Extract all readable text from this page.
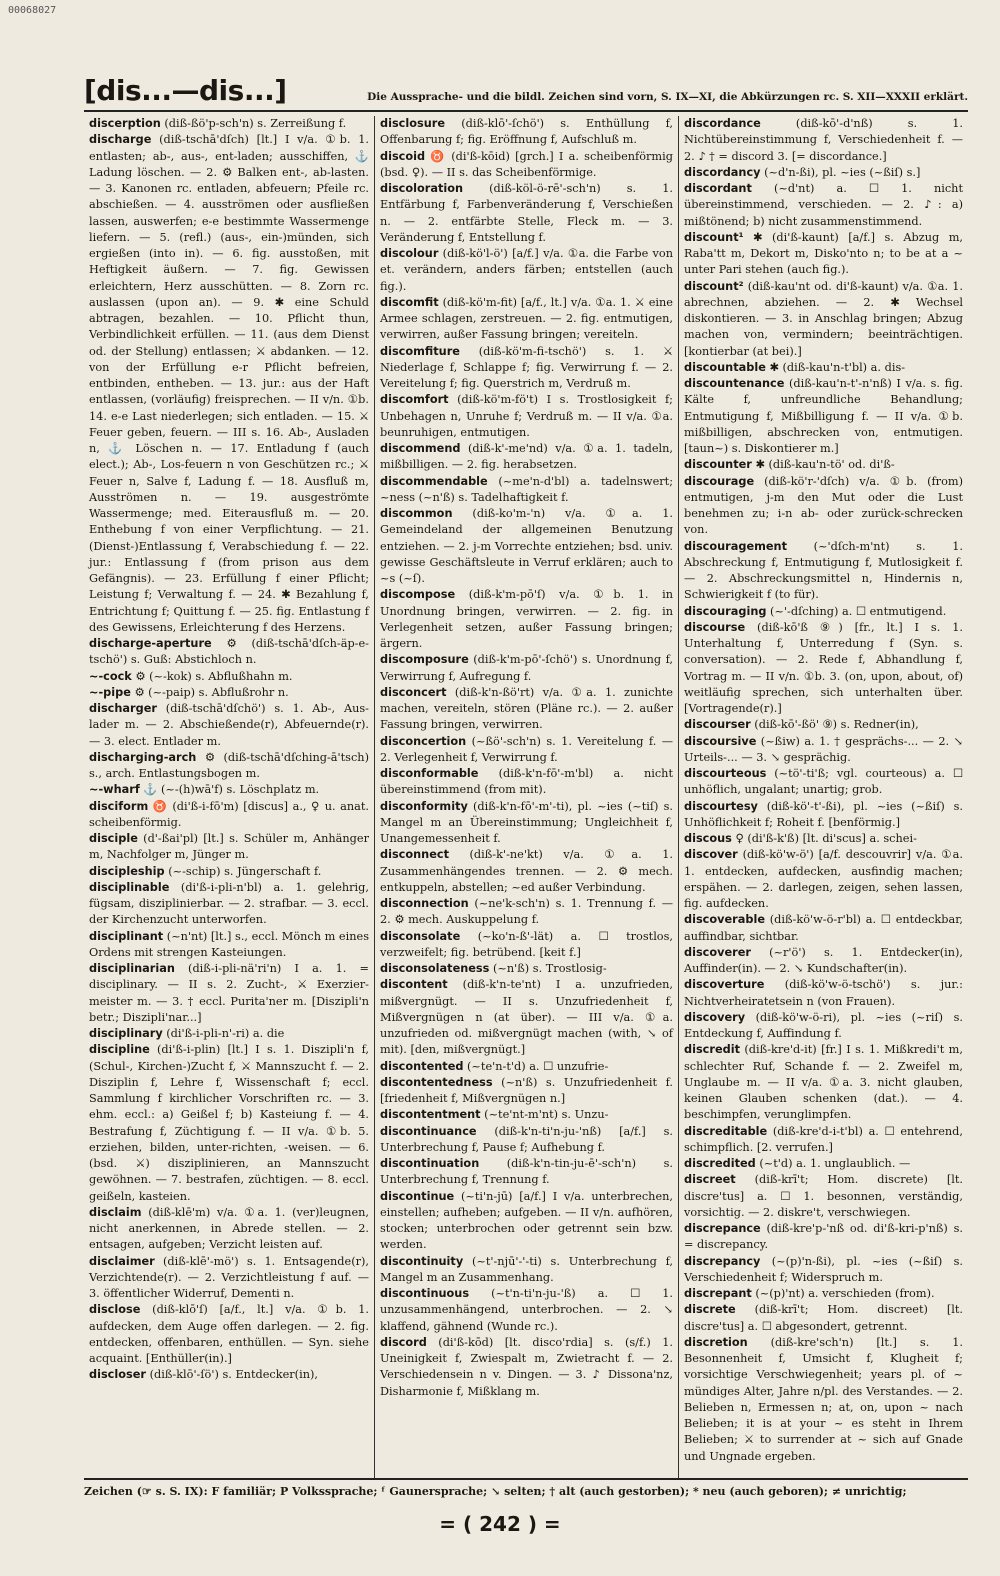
00068027
[dis...—dis...]	Die Aussprache- und die bildl. Zeichen sind vorn, S. IX—XI, die Abkürzungen rc. S. XII—XXXII erklärt.

discerption (diß-ßö'p-sch'n) s. Zerreißung f.

discharge (diß-tschā'dſch) [lt.] I v/a. ①b. 1. entlasten; ab-, aus-, ent-laden; ausschiffen, ⚓ Ladung löschen. — 2. ⚙ Balken ent-, ab-lasten. — 3. Kanonen rc. entladen, abfeuern; Pfeile rc. abschießen. — 4. ausströmen oder ausfließen lassen, auswerfen; e-e bestimmte Wassermenge liefern. — 5. (refl.) (aus-, ein-)münden, sich ergießen (into in). — 6. fig. ausstoßen, mit Heftigkeit äußern. — 7. fig. Gewissen erleichtern, Herz ausschütten. — 8. Zorn rc. auslassen (upon an). — 9. ✱ eine Schuld abtragen, bezahlen. — 10. Pflicht thun, Verbindlichkeit erfüllen. — 11. (aus dem Dienst od. der Stellung) entlassen; ⚔ abdanken. — 12. von der Erfüllung e-r Pflicht befreien, entbinden, entheben. — 13. jur.: aus der Haft entlassen, (vorläufig) freisprechen. — II v/n. ①b. 14. e-e Last niederlegen; sich entladen. — 15. ⚔ Feuer geben, feuern. — III s. 16. Ab-, Ausladen n, ⚓ Löschen n. — 17. Entladung f (auch elect.); Ab-, Los-feuern n von Geschützen rc.; ⚔ Feuer n, Salve f, Ladung f. — 18. Ausfluß m, Ausströmen n. — 19. ausgeströmte Wassermenge; med. Eiterausfluß m. — 20. Enthebung f von einer Verpflichtung. — 21. (Dienst-)Entlassung f, Verabschiedung f. — 22. jur.: Entlassung f (from prison aus dem Gefängnis). — 23. Erfüllung f einer Pflicht; Leistung f; Verwaltung f. — 24. ✱ Bezahlung f, Entrichtung f; Quittung f. — 25. fig. Entlastung f des Gewissens, Erleichterung f des Herzens.

discharge-aperture ⚙ (diß-tschā'dſch-äp-e-tschö') s. Guß: Abstichloch n.

~-cock ⚙ (~-kok) s. Abflußhahn m.

~-pipe ⚙ (~-paip) s. Abflußrohr n.

discharger (diß-tschā'dſchö') s. 1. Ab-, Aus-lader m. — 2. Abschießende(r), Abfeuernde(r). — 3. elect. Entlader m.

discharging-arch ⚙ (diß-tschā'dſching-ā'tsch) s., arch. Entlastungsbogen m.

~-wharf ⚓ (~-(h)wā'f) s. Löschplatz m.

disciform ♉ (di'ß-i-fō'm) [discus] a., ♀ u. anat. scheibenförmig.

disciple (d'-ßai'pl) [lt.] s. Schüler m, Anhänger m, Nachfolger m, Jünger m.

discipleship (~-schip) s. Jüngerschaft f.

disciplinable (di'ß-i-pli-n'bl) a. 1. gelehrig, fügsam, disziplinierbar. — 2. strafbar. — 3. eccl. der Kirchenzucht unterworfen.

disciplinant (~n'nt) [lt.] s., eccl. Mönch m eines Ordens mit strengen Kasteiungen.

disciplinarian (diß-i-pli-nä'ri'n) I a. 1. = disciplinary. — II s. 2. Zucht-, ⚔ Exerzier-meister m. — 3. † eccl. Purita'ner m. [Diszipli'n betr.; Diszipli'nar...]

disciplinary (di'ß-i-pli-n'-ri) a. die

discipline (di'ß-i-plin) [lt.] I s. 1. Diszipli'n f, (Schul-, Kirchen-)Zucht f, ⚔ Mannszucht f. — 2. Disziplin f, Lehre f, Wissenschaft f; eccl. Sammlung f kirchlicher Vorschriften rc. — 3. ehm. eccl.: a) Geißel f; b) Kasteiung f. — 4. Bestrafung f, Züchtigung f. — II v/a. ①b. 5. erziehen, bilden, unter-richten, -weisen. — 6. (bsd. ⚔) disziplinieren, an Mannszucht gewöhnen. — 7. bestrafen, züchtigen. — 8. eccl. geißeln, kasteien.

disclaim (diß-klē'm) v/a. ①a. 1. (ver)leugnen, nicht anerkennen, in Abrede stellen. — 2. entsagen, aufgeben; Verzicht leisten auf.

disclaimer (diß-klē'-mö') s. 1. Entsagende(r), Verzichtende(r). — 2. Verzichtleistung f auf. — 3. öffentlicher Widerruf, Dementi n.

disclose (diß-klō'ſ) [a/f., lt.] v/a. ①b. 1. aufdecken, dem Auge offen darlegen. — 2. fig. entdecken, offenbaren, enthüllen. — Syn. siehe acquaint. [Enthüller(in).]

discloser (diß-klō'-ſö') s. Entdecker(in),

disclosure (diß-klō'-ſchö') s. Enthüllung f, Offenbarung f; fig. Eröffnung f, Aufschluß m.

discoid ♉ (di'ß-kōid) [grch.] I a. scheibenförmig (bsd. ♀). — II s. das Scheibenförmige.

discoloration (diß-köl-ö-rē'-sch'n) s. 1. Entfärbung f, Farbenveränderung f, Verschießen n. — 2. entfärbte Stelle, Fleck m. — 3. Veränderung f, Entstellung f.

discolour (diß-kö'l-ö') [a/f.] v/a. ①a. die Farbe von et. verändern, anders färben; entstellen (auch fig.).

discomfit (diß-kö'm-fit) [a/f., lt.] v/a. ①a. 1. ⚔ eine Armee schlagen, zerstreuen. — 2. fig. entmutigen, verwirren, außer Fassung bringen; vereiteln.

discomfiture (diß-kö'm-fi-tschö') s. 1. ⚔ Niederlage f, Schlappe f; fig. Verwirrung f. — 2. Vereitelung f; fig. Querstrich m, Verdruß m.

discomfort (diß-kö'm-fö't) I s. Trostlosigkeit f; Unbehagen n, Unruhe f; Verdruß m. — II v/a. ①a. beunruhigen, entmutigen.

discommend (diß-k'-me'nd) v/a. ①a. 1. tadeln, mißbilligen. — 2. fig. herabsetzen.

discommendable (~me'n-d'bl) a. tadelnswert; ~ness (~n'ß) s. Tadelhaftigkeit f.

discommon (diß-ko'm-'n) v/a. ①a. 1. Gemeindeland der allgemeinen Benutzung entziehen. — 2. j-m Vorrechte entziehen; bsd. univ. gewisse Geschäftsleute in Verruf erklären; auch to ~s (~ſ).

discompose (diß-k'm-pō'ſ) v/a. ①b. 1. in Unordnung bringen, verwirren. — 2. fig. in Verlegenheit setzen, außer Fassung bringen; ärgern.

discomposure (diß-k'm-pō'-ſchö') s. Unordnung f, Verwirrung f, Aufregung f.

disconcert (diß-k'n-ßö'rt) v/a. ①a. 1. zunichte machen, vereiteln, stören (Pläne rc.). — 2. außer Fassung bringen, verwirren.

disconcertion (~ßö'-sch'n) s. 1. Vereitelung f. — 2. Verlegenheit f, Verwirrung f.

disconformable (diß-k'n-fō'-m'bl) a. nicht übereinstimmend (from mit).

disconformity (diß-k'n-fō'-m'-ti), pl. ~ies (~tiſ) s. Mangel m an Übereinstimmung; Ungleichheit f, Unangemessenheit f.

disconnect (diß-k'-ne'kt) v/a. ①a. 1. Zusammenhängendes trennen. — 2. ⚙ mech. entkuppeln, abstellen; ~ed außer Verbindung.

disconnection (~ne'k-sch'n) s. 1. Trennung f. — 2. ⚙ mech. Auskuppelung f.

disconsolate (~ko'n-ß'-lät) a. ☐ trostlos, verzweifelt; fig. betrübend. [keit f.]

disconsolateness (~n'ß) s. Trostlosig-

discontent (diß-k'n-te'nt) I a. unzufrieden, mißvergnügt. — II s. Unzufriedenheit f, Mißvergnügen n (at über). — III v/a. ①a. unzufrieden od. mißvergnügt machen (with, ↘ of mit). [den, mißvergnügt.]

discontented (~te'n-t'd) a. ☐ unzufrie-

discontentedness (~n'ß) s. Unzufriedenheit f. [friedenheit f, Mißvergnügen n.]

discontentment (~te'nt-m'nt) s. Unzu-

discontinuance (diß-k'n-ti'n-ju-'nß) [a/f.] s. Unterbrechung f, Pause f; Aufhebung f.

discontinuation (diß-k'n-tin-ju-ē'-sch'n) s. Unterbrechung f, Trennung f.

discontinue (~ti'n-jū) [a/f.] I v/a. unterbrechen, einstellen; aufheben; aufgeben. — II v/n. aufhören, stocken; unterbrochen oder getrennt sein bzw. werden.

discontinuity (~t'-njū'-'-ti) s. Unterbrechung f, Mangel m an Zusammenhang.

discontinuous (~t'n-ti'n-ju-'ß) a. ☐ 1. unzusammenhängend, unterbrochen. — 2. ↘ klaffend, gähnend (Wunde rc.).

discord (di'ß-kōd) [lt. disco'rdia] s. (s/f.) 1. Uneinigkeit f, Zwiespalt m, Zwietracht f. — 2. Verschiedensein n v. Dingen. — 3. ♪ Dissona'nz, Disharmonie f, Mißklang m.

discordance (diß-kō'-d'nß) s. 1. Nichtübereinstimmung f, Verschiedenheit f. — 2. ♪ † = discord 3. [= discordance.]

discordancy (~d'n-ßi), pl. ~ies (~ßiſ) s.]

discordant (~d'nt) a. ☐ 1. nicht übereinstimmend, verschieden. — 2. ♪: a) mißtönend; b) nicht zusammenstimmend.

discount¹ ✱ (di'ß-kaunt) [a/f.] s. Abzug m, Raba'tt m, Dekort m, Disko'nto n; to be at a ~ unter Pari stehen (auch fig.).

discount² (diß-kau'nt od. di'ß-kaunt) v/a. ①a. 1. abrechnen, abziehen. — 2. ✱ Wechsel diskontieren. — 3. in Anschlag bringen; Abzug machen von, vermindern; beeinträchtigen. [kontierbar (at bei).]

discountable ✱ (diß-kau'n-t'bl) a. dis-

discountenance (diß-kau'n-t'-n'nß) I v/a. s. fig. Kälte f, unfreundliche Behandlung; Entmutigung f, Mißbilligung f. — II v/a. ①b. mißbilligen, abschrecken von, entmutigen. [taun~) s. Diskontierer m.]

discounter ✱ (diß-kau'n-tö' od. di'ß-

discourage (diß-kö'r-'dſch) v/a. ①b. (from) entmutigen, j-m den Mut oder die Lust benehmen zu; i-n ab- oder zurück-schrecken von.

discouragement (~'dſch-m'nt) s. 1. Abschreckung f, Entmutigung f, Mutlosigkeit f. — 2. Abschreckungsmittel n, Hindernis n, Schwierigkeit f (to für).

discouraging (~'-dſching) a. ☐ entmutigend.

discourse (diß-kō'ß ⑨) [fr., lt.] I s. 1. Unterhaltung f, Unterredung f (Syn. s. conversation). — 2. Rede f, Abhandlung f, Vortrag m. — II v/n. ①b. 3. (on, upon, about, of) weitläufig sprechen, sich unterhalten über. [Vortragende(r).]

discourser (diß-kō'-ßö' ⑨) s. Redner(in),

discoursive (~ßiw) a. 1. † gesprächs-... — 2. ↘ Urteils-... — 3. ↘ gesprächig.

discourteous (~tö'-ti'ß; vgl. courteous) a. ☐ unhöflich, ungalant; unartig; grob.

discourtesy (diß-kö'-t'-ßi), pl. ~ies (~ßiſ) s. Unhöflichkeit f; Roheit f. [benförmig.]

discous ♀ (di'ß-k'ß) [lt. di'scus] a. schei-

discover (diß-kö'w-ö') [a/f. descouvrir] v/a. ①a. 1. entdecken, aufdecken, ausfindig machen; erspähen. — 2. darlegen, zeigen, sehen lassen, fig. aufdecken.

discoverable (diß-kö'w-ö-r'bl) a. ☐ entdeckbar, auffindbar, sichtbar.

discoverer (~r'ö') s. 1. Entdecker(in), Auffinder(in). — 2. ↘ Kundschafter(in).

discoverture (diß-kö'w-ö-tschö') s. jur.: Nichtverheiratetsein n (von Frauen).

discovery (diß-kö'w-ö-ri), pl. ~ies (~riſ) s. Entdeckung f, Auffindung f.

discredit (diß-kre'd-it) [fr.] I s. 1. Mißkredi't m, schlechter Ruf, Schande f. — 2. Zweifel m, Unglaube m. — II v/a. ①a. 3. nicht glauben, keinen Glauben schenken (dat.). — 4. beschimpfen, verunglimpfen.

discreditable (diß-kre'd-i-t'bl) a. ☐ entehrend, schimpflich. [2. verrufen.]

discredited (~t'd) a. 1. unglaublich. —

discreet (diß-krī't; Hom. discrete) [lt. discre'tus] a. ☐ 1. besonnen, verständig, vorsichtig. — 2. diskre't, verschwiegen.

discrepance (diß-kre'p-'nß od. di'ß-kri-p'nß) s. = discrepancy.

discrepancy (~(p)'n-ßi), pl. ~ies (~ßiſ) s. Verschiedenheit f; Widerspruch m.

discrepant (~(p)'nt) a. verschieden (from).

discrete (diß-krī't; Hom. discreet) [lt. discre'tus] a. ☐ abgesondert, getrennt.

discretion (diß-kre'sch'n) [lt.] s. 1. Besonnenheit f, Umsicht f, Klugheit f; vorsichtige Verschwiegenheit; years pl. of ~ mündiges Alter, Jahre n/pl. des Verstandes. — 2. Belieben n, Ermessen n; at, on, upon ~ nach Belieben; it is at your ~ es steht in Ihrem Belieben; ⚔ to surrender at ~ sich auf Gnade und Ungnade ergeben.

Zeichen (☞ s. S. IX): F familiär; P Volkssprache; ᶠ Gaunersprache; ↘ selten; † alt (auch gestorben); * neu (auch geboren); ≠ unrichtig;
= ( 242 ) =
